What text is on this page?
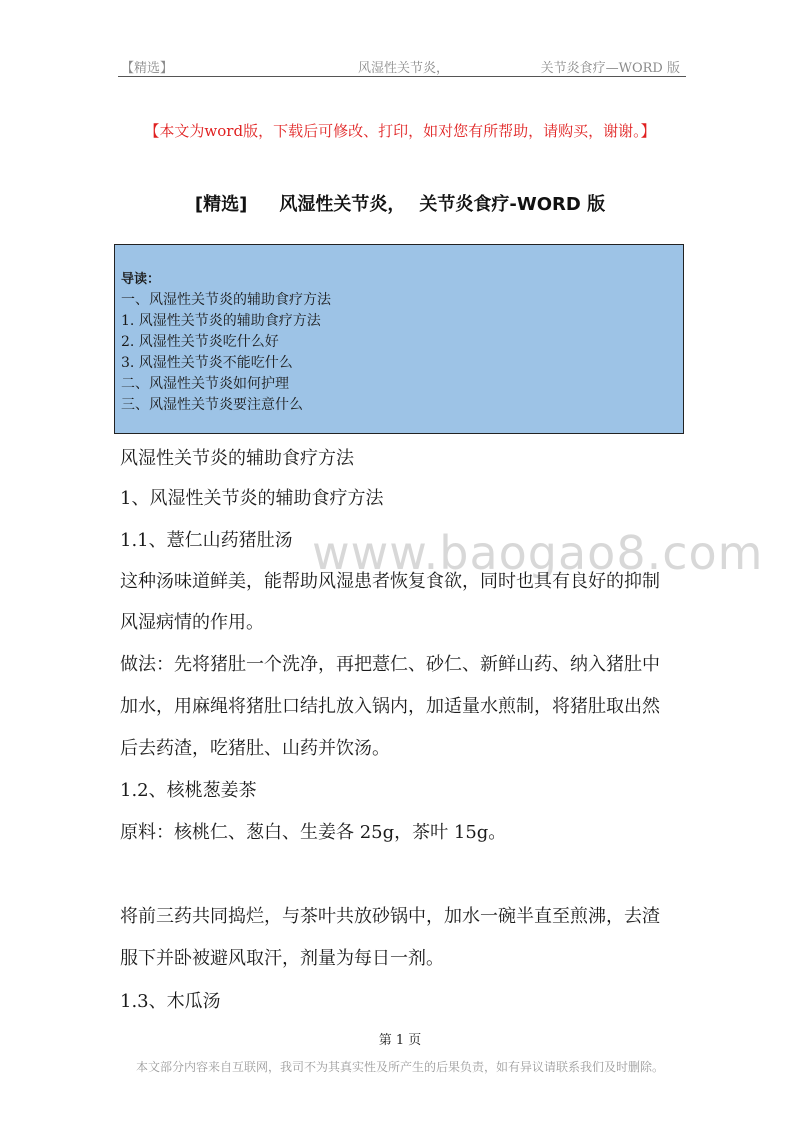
【精选】	风湿性关节炎，	关节炎食疗—WORD 版
【本文为word版，下载后可修改、打印，如对您有所帮助，请购买，谢谢。】
[精选] 风湿性关节炎， 关节炎食疗-WORD 版
导读：
一、风湿性关节炎的辅助食疗方法
1. 风湿性关节炎的辅助食疗方法
2. 风湿性关节炎吃什么好
3. 风湿性关节炎不能吃什么
二、风湿性关节炎如何护理
三、风湿性关节炎要注意什么
www.baogao8.com
风湿性关节炎的辅助食疗方法
1、风湿性关节炎的辅助食疗方法
1.1、薏仁山药猪肚汤
这种汤味道鲜美，能帮助风湿患者恢复食欲，同时也具有良好的抑制
风湿病情的作用。
做法：先将猪肚一个洗净，再把薏仁、砂仁、新鲜山药、纳入猪肚中
加水，用麻绳将猪肚口结扎放入锅内，加适量水煎制，将猪肚取出然
后去药渣，吃猪肚、山药并饮汤。
1.2、核桃葱姜茶
原料：核桃仁、葱白、生姜各 25g，茶叶 15g。
将前三药共同捣烂，与茶叶共放砂锅中，加水一碗半直至煎沸，去渣
服下并卧被避风取汗，剂量为每日一剂。
1.3、木瓜汤
第 1 页
本文部分内容来自互联网，我司不为其真实性及所产生的后果负责，如有异议请联系我们及时删除。
